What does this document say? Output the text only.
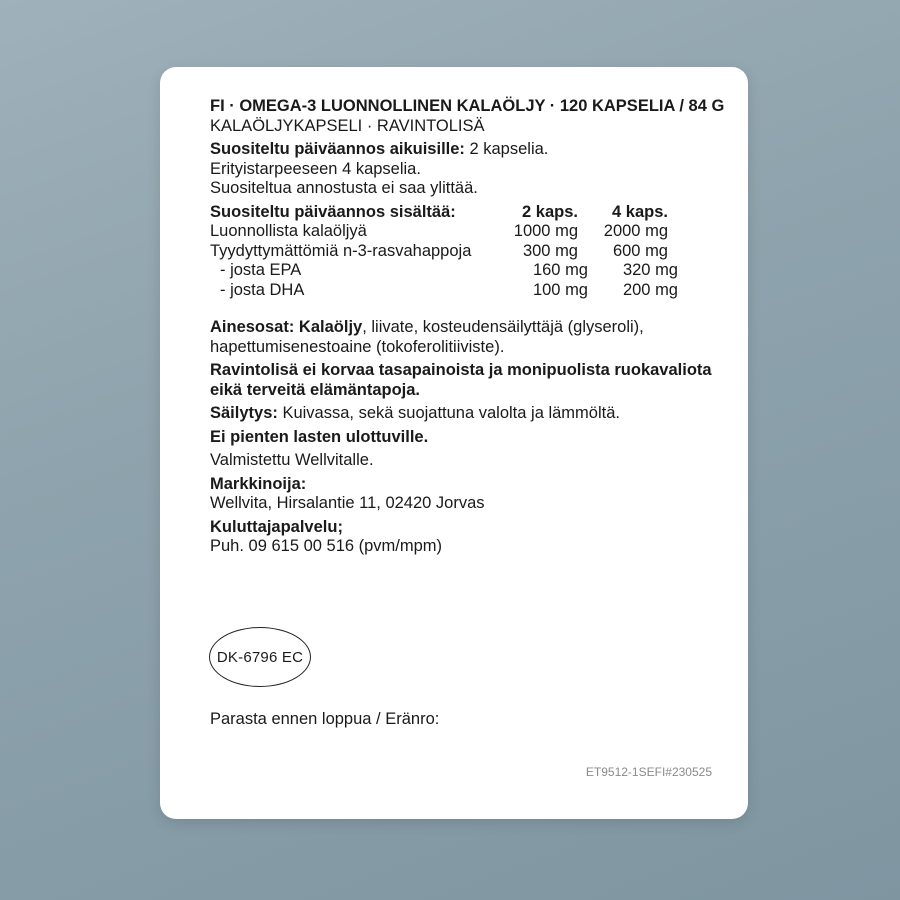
FI · OMEGA-3 LUONNOLLINEN KALAÖLJY · 120 KAPSELIA / 84 G

KALAÖLJYKAPSELI · RAVINTOLISÄ

Suositeltu päiväannos aikuisille: 2 kapselia.

Erityistarpeeseen 4 kapselia.

Suositeltua annostusta ei saa ylittää.

Suositeltu päiväannos sisältää:	2 kaps.	4 kaps.
Luonnollista kalaöljyä	1000 mg	2000 mg
Tyydyttymättömiä n-3-rasvahappoja	300 mg	600 mg
- josta EPA	160 mg	320 mg
- josta DHA	100 mg	200 mg

Ainesosat: Kalaöljy, liivate, kosteudensäilyttäjä (glyseroli), hapettumisenestoaine (tokoferolitiiviste).

Ravintolisä ei korvaa tasapainoista ja monipuolista ruokavaliota eikä terveitä elämäntapoja.

Säilytys: Kuivassa, sekä suojattuna valolta ja lämmöltä.

Ei pienten lasten ulottuville.

Valmistettu Wellvitalle.

Markkinoija:

Wellvita, Hirsalantie 11, 02420 Jorvas

Kuluttajapalvelu;

Puh. 09 615 00 516 (pvm/mpm)

DK-6796 EC
Parasta ennen loppua / Eränro:
ET9512-1SEFI#230525
